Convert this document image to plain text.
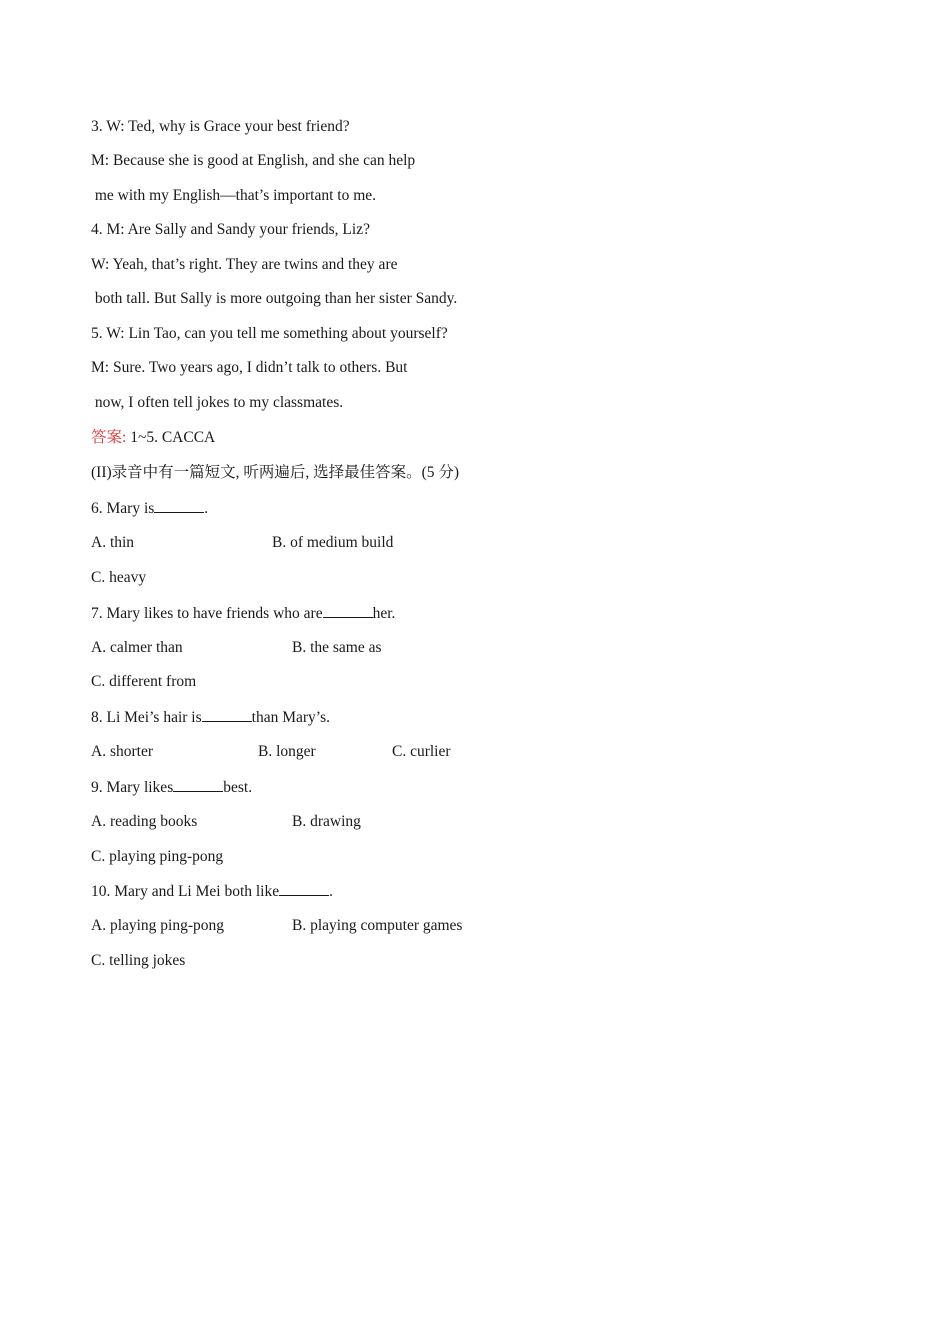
3. W: Ted, why is Grace your best friend?
M: Because she is good at English, and she can help
me with my English—that’s important to me.
4. M: Are Sally and Sandy your friends, Liz?
W: Yeah, that’s right. They are twins and they are
both tall. But Sally is more outgoing than her sister Sandy.
5. W: Lin Tao, can you tell me something about yourself?
M: Sure. Two years ago, I didn’t talk to others. But
now, I often tell jokes to my classmates.
答案: 1~5. CACCA
(II)录音中有一篇短文, 听两遍后, 选择最佳答案。(5 分)
6. Mary is	.
A. thin	B. of medium build
C. heavy
7. Mary likes to have friends who are	her.
A. calmer than	B. the same as
C. different from
8. Li Mei’s hair is	than Mary’s.
A. shorter	B. longer	C. curlier
9. Mary likes	best.
A. reading books	B. drawing
C. playing ping-pong
10. Mary and Li Mei both like	.
A. playing ping-pong	B. playing computer games
C. telling jokes
